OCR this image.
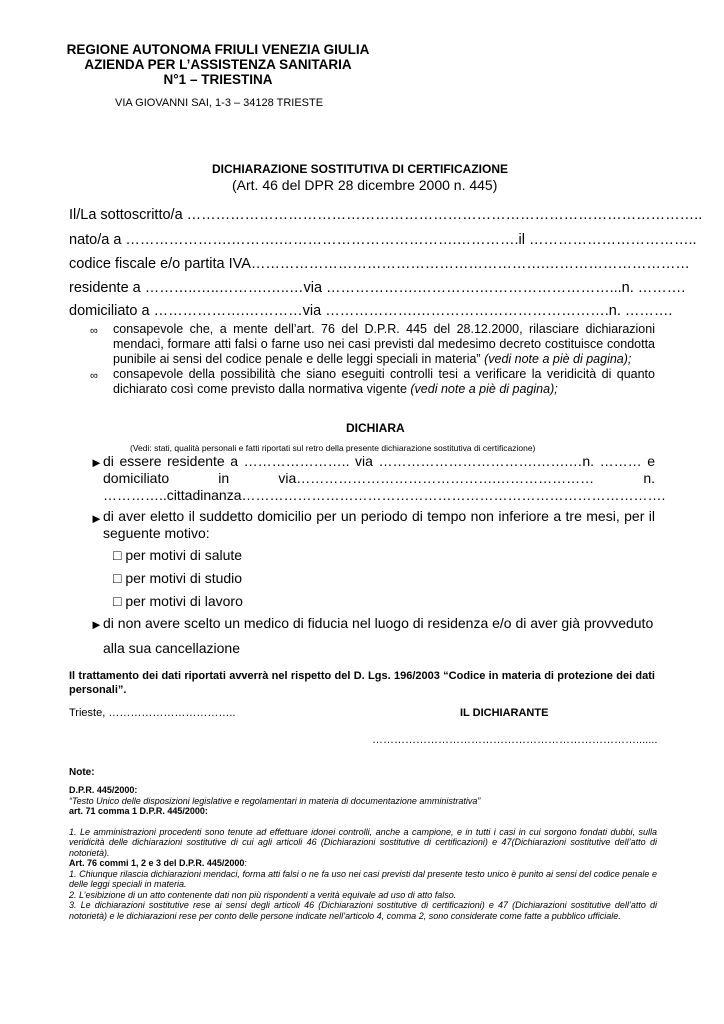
REGIONE AUTONOMA FRIULI VENEZIA GIULIA
AZIENDA PER L’ASSISTENZA SANITARIA
N°1 – TRIESTINA
VIA GIOVANNI SAI, 1-3 – 34128 TRIESTE
DICHIARAZIONE SOSTITUTIVA DI CERTIFICAZIONE
(Art. 46 del DPR 28 dicembre 2000 n. 445)
Il/La sottoscritto/a ……………………………………………………………………………………………..
nato/a a ………………….……….……………………………….………….il ……………………………..
codice fiscale e/o partita IVA…………………………………………………….…………………………
residente a ………..…..……….…..…via ……………….………….………………………...n. ……….
domiciliato a ……………….…………via ……………….………………………………….n. ……….
∞ consapevole che, a mente dell’art. 76 del D.P.R. 445 del 28.12.2000, rilasciare dichiarazioni mendaci, formare atti falsi o farne uso nei casi previsti dal medesimo decreto costituisce condotta punibile ai sensi del codice penale e delle leggi speciali in materia” (vedi note a piè di pagina);
∞ consapevole della possibilità che siano eseguiti controlli tesi a verificare la veridicità di quanto dichiarato così come previsto dalla normativa vigente (vedi note a piè di pagina);
DICHIARA
(Vedi: stati, qualità personali e fatti riportati sul retro della presente dichiarazione sostitutiva di certificazione)
► di essere residente a ………………….. via …………………………….…….…n. ……… e domiciliato in via…………………………………….………………… n. …………..cittadinanza……………………………………………………………………………….
► di aver eletto il suddetto domicilio per un periodo di tempo non inferiore a tre mesi, per il seguente motivo:
□ per motivi di salute
□ per motivi di studio
□ per motivi di lavoro
► di non avere scelto un medico di fiducia nel luogo di residenza e/o di aver già provveduto
alla sua cancellazione
Il trattamento dei dati riportati avverrà nel rispetto del D. Lgs. 196/2003 “Codice in materia di protezione dei dati personali”.
Trieste, ……………………………..	IL DICHIARANTE
……………………………………………………………….......
Note:
D.P.R. 445/2000:
“Testo Unico delle disposizioni legislative e regolamentari in materia di documentazione amministrativa”
art. 71 comma 1 D.P.R. 445/2000:
1. Le amministrazioni procedenti sono tenute ad effettuare idonei controlli, anche a campione, e in tutti i casi in cui sorgono fondati dubbi, sulla veridicità delle dichiarazioni sostitutive di cui agli articoli 46 (Dichiarazioni sostitutive di certificazioni) e 47(Dichiarazioni sostitutive dell’atto di notorietà).
Art. 76 commi 1, 2 e 3 del D.P.R. 445/2000:
1. Chiunque rilascia dichiarazioni mendaci, forma atti falsi o ne fa uso nei casi previsti dal presente testo unico è punito ai sensi del codice penale e delle leggi speciali in materia.
2. L’esibizione di un atto contenente dati non più rispondenti a verità equivale ad uso di atto falso.
3. Le dichiarazioni sostitutive rese ai sensi degli articoli 46 (Dichiarazioni sostitutive di certificazioni) e 47 (Dichiarazioni sostitutive dell’atto di notorietà) e le dichiarazioni rese per conto delle persone indicate nell’articolo 4, comma 2, sono considerate come fatte a pubblico ufficiale.
